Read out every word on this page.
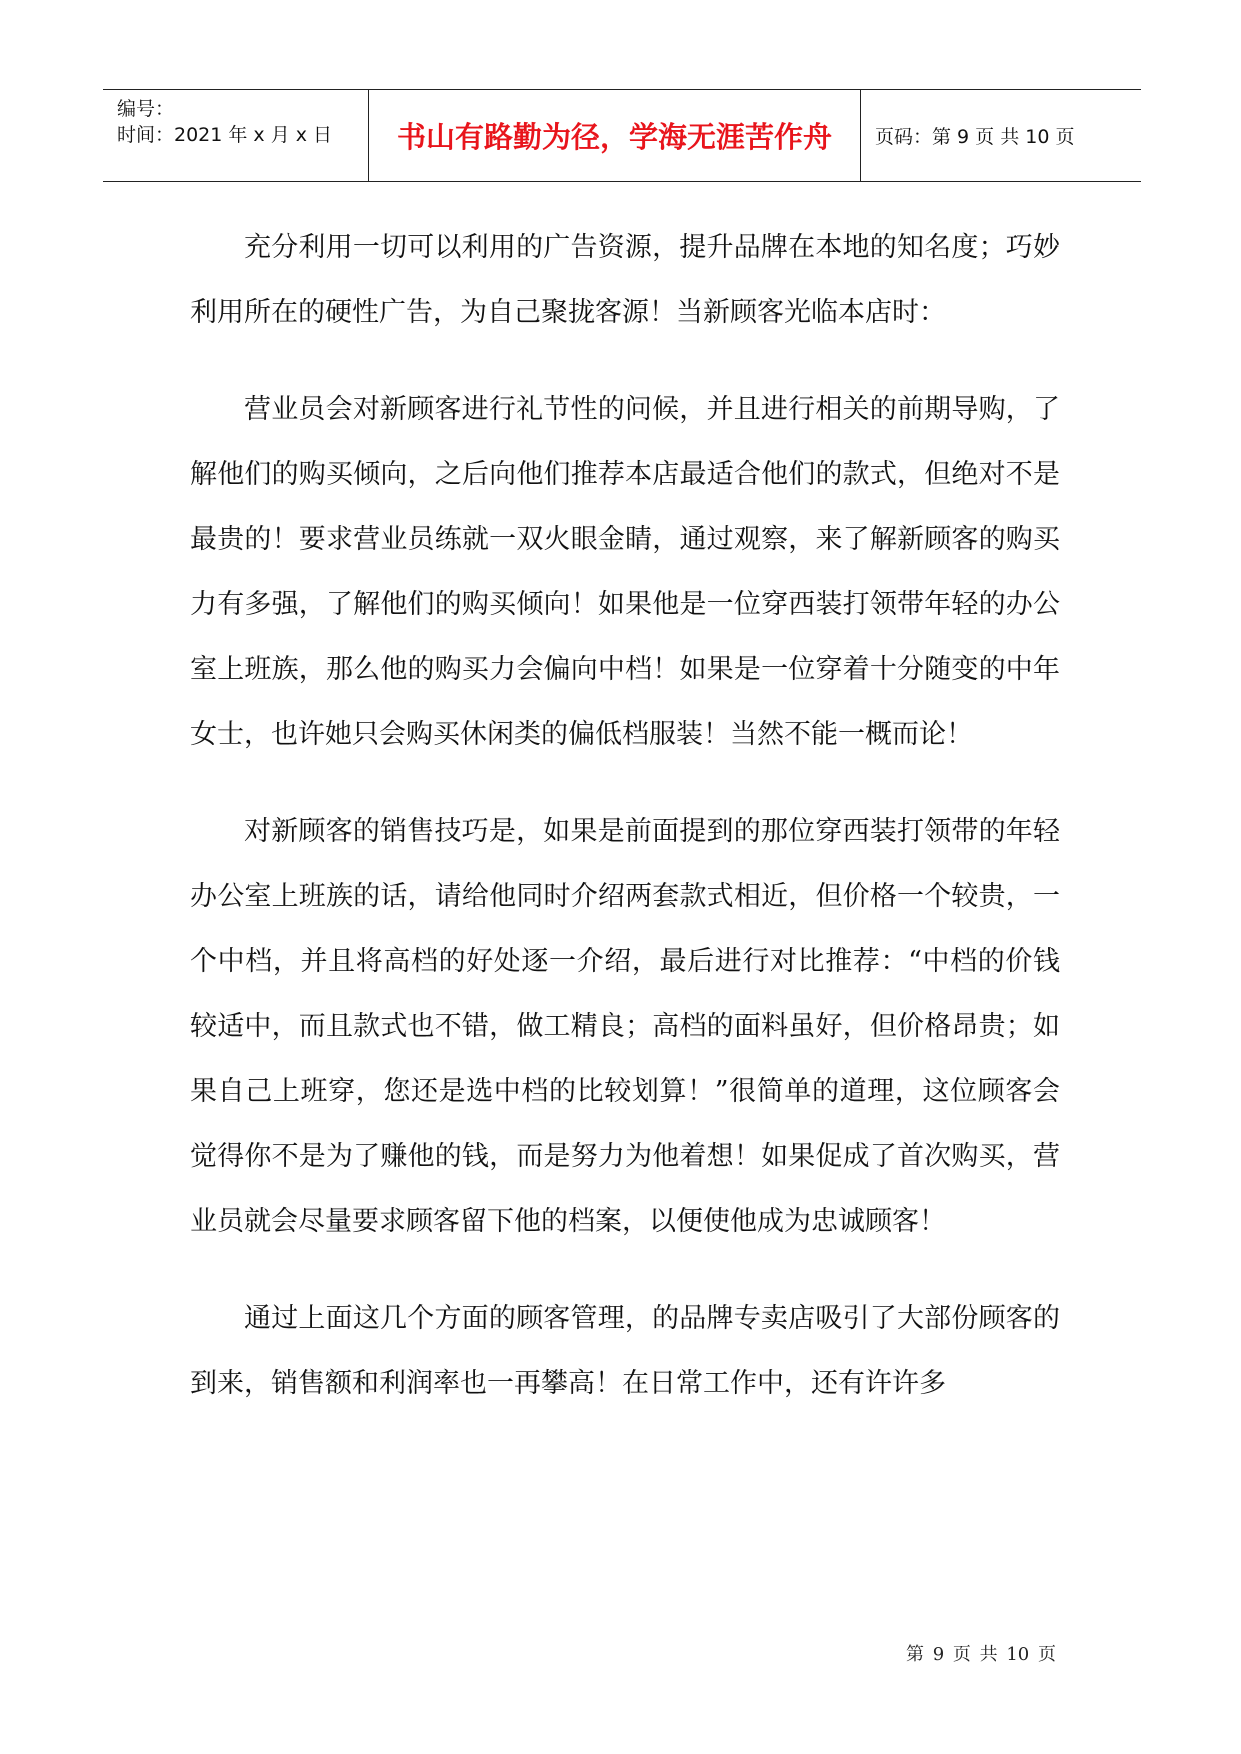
编号：
时间：2021 年 x 月 x 日	书山有路勤为径，学海无涯苦作舟	页码：第 9 页 共 10 页

充分利用一切可以利用的广告资源，提升品牌在本地的知名度；巧妙利用所在的硬性广告，为自己聚拢客源！当新顾客光临本店时：

营业员会对新顾客进行礼节性的问候，并且进行相关的前期导购，了解他们的购买倾向，之后向他们推荐本店最适合他们的款式，但绝对不是最贵的！要求营业员练就一双火眼金睛，通过观察，来了解新顾客的购买力有多强，了解他们的购买倾向！如果他是一位穿西装打领带年轻的办公室上班族，那么他的购买力会偏向中档！如果是一位穿着十分随变的中年女士，也许她只会购买休闲类的偏低档服装！当然不能一概而论！

对新顾客的销售技巧是，如果是前面提到的那位穿西装打领带的年轻办公室上班族的话，请给他同时介绍两套款式相近，但价格一个较贵，一个中档，并且将高档的好处逐一介绍，最后进行对比推荐：“中档的价钱较适中，而且款式也不错，做工精良；高档的面料虽好，但价格昂贵；如果自己上班穿，您还是选中档的比较划算！”很简单的道理，这位顾客会觉得你不是为了赚他的钱，而是努力为他着想！如果促成了首次购买，营业员就会尽量要求顾客留下他的档案，以便使他成为忠诚顾客！

通过上面这几个方面的顾客管理，的品牌专卖店吸引了大部份顾客的到来，销售额和利润率也一再攀高！在日常工作中，还有许许多

第 9 页 共 10 页
